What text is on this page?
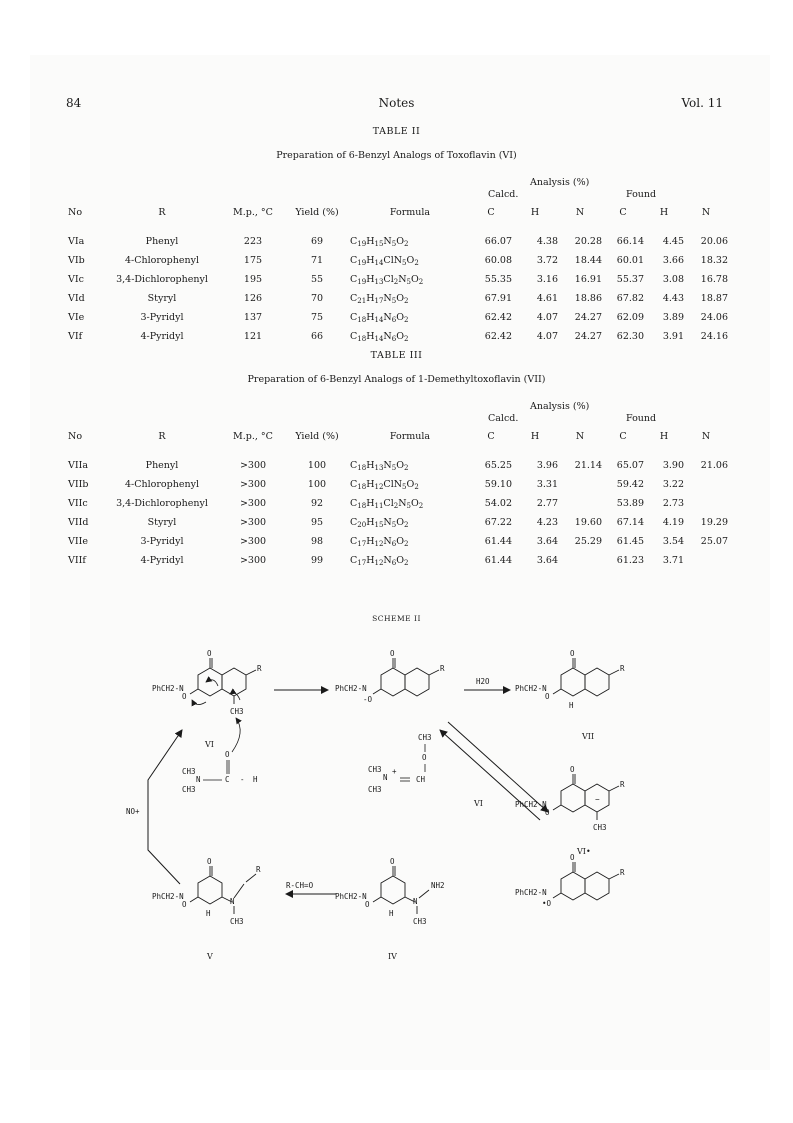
84	Notes	Vol. 11
TABLE II
Preparation of 6-Benzyl Analogs of Toxoflavin (VI)
Analysis (%)
Calcd.	Found
No	R	M.p., °C	Yield (%)	Formula	C	H	N	C	H	N

VIa	Phenyl	223	69	$C_{19}H_{15}N_5O_2$	66.07	4.38	20.28	66.14	4.45	20.06
VIb	4-Chlorophenyl	175	71	$C_{19}H_{14}ClN_5O_2$	60.08	3.72	18.44	60.01	3.66	18.32
VIc	3,4-Dichlorophenyl	195	55	$C_{19}H_{13}Cl_2N_5O_2$	55.35	3.16	16.91	55.37	3.08	16.78
VId	Styryl	126	70	$C_{21}H_{17}N_5O_2$	67.91	4.61	18.86	67.82	4.43	18.87
VIe	3-Pyridyl	137	75	$C_{18}H_{14}N_6O_2$	62.42	4.07	24.27	62.09	3.89	24.06
VIf	4-Pyridyl	121	66	$C_{18}H_{14}N_6O_2$	62.42	4.07	24.27	62.30	3.91	24.16
TABLE III
Preparation of 6-Benzyl Analogs of 1-Demethyltoxoflavin (VII)
Analysis (%)
Calcd.	Found
No	R	M.p., °C	Yield (%)	Formula	C	H	N	C	H	N

VIIa	Phenyl	>300	100	$C_{18}H_{13}N_5O_2$	65.25	3.96	21.14	65.07	3.90	21.06
VIIb	4-Chlorophenyl	>300	100	$C_{18}H_{12}ClN_5O_2$	59.10	3.31		59.42	3.22	
VIIc	3,4-Dichlorophenyl	>300	92	$C_{18}H_{11}Cl_2N_5O_2$	54.02	2.77		53.89	2.73	
VIId	Styryl	>300	95	$C_{20}H_{15}N_5O_2$	67.22	4.23	19.60	67.14	4.19	19.29
VIIe	3-Pyridyl	>300	98	$C_{17}H_{12}N_6O_2$	61.44	3.64	25.29	61.45	3.54	25.07
VIIf	4-Pyridyl	>300	99	$C_{17}H_{12}N_6O_2$	61.44	3.64		61.23	3.71	
SCHEME II
PhCH2-N
O
O
R
CH3
VI
CH3
N
CH3
C
O
- H
PhCH2-N
O
-O
R
H2O
PhCH2-N
O
O
R
H
VII
CH3
O
CH3
N
CH3
+
CH
VI	PhCH2-N
O
O
R
CH3
−
VI•
PhCH2-N
O
•O
R
NO+
PhCH2-N
O
O
H
N
R
CH3
V
R-CH=O
PhCH2-N
O
O
H
N
NH2
CH3
IV
